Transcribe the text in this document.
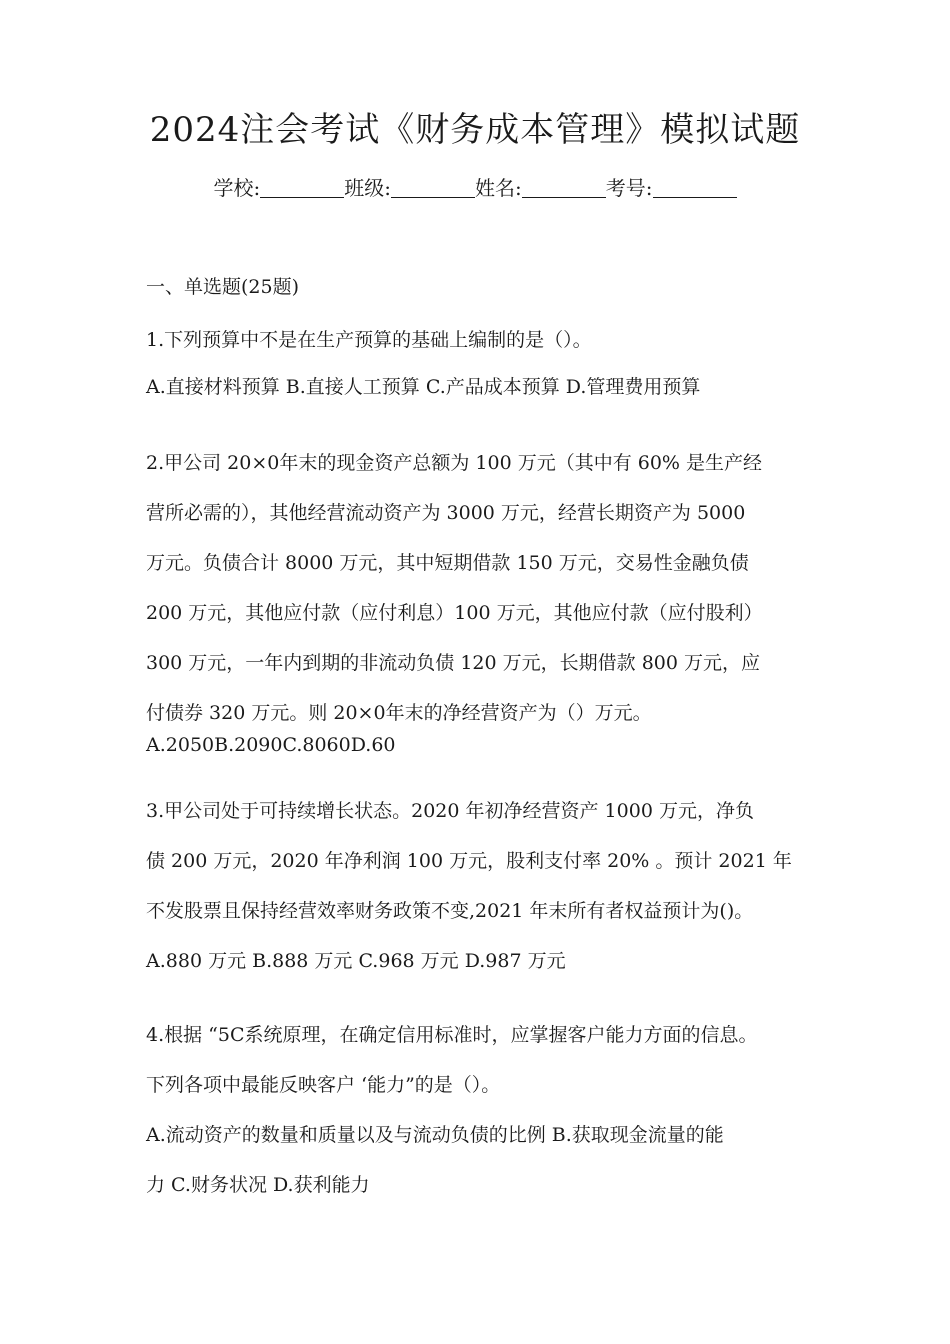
2024注会考试《财务成本管理》模拟试题
学校:	班级:	姓名:	考号:
一、单选题(25题)
1.下列预算中不是在生产预算的基础上编制的是（）。
A.直接材料预算 B.直接人工预算 C.产品成本预算 D.管理费用预算
2.甲公司 20×0年末的现金资产总额为 100 万元（其中有 60% 是生产经
营所必需的），其他经营流动资产为 3000 万元，经营长期资产为 5000
万元。负债合计 8000 万元，其中短期借款 150 万元，交易性金融负债
200 万元，其他应付款（应付利息）100 万元，其他应付款（应付股利）
300 万元，一年内到期的非流动负债 120 万元，长期借款 800 万元，应
付债券 320 万元。则 20×0年末的净经营资产为（）万元。
A.2050B.2090C.8060D.60
3.甲公司处于可持续增长状态。2020 年初净经营资产 1000 万元，净负
债 200 万元，2020 年净利润 100 万元，股利支付率 20% 。预计 2021 年
不发股票且保持经营效率财务政策不变,2021 年末所有者权益预计为()。
A.880 万元 B.888 万元 C.968 万元 D.987 万元
4.根据 “5C系统原理，在确定信用标准时，应掌握客户能力方面的信息。
下列各项中最能反映客户 ‘能力”的是（）。
A.流动资产的数量和质量以及与流动负债的比例 B.获取现金流量的能
力 C.财务状况 D.获利能力
